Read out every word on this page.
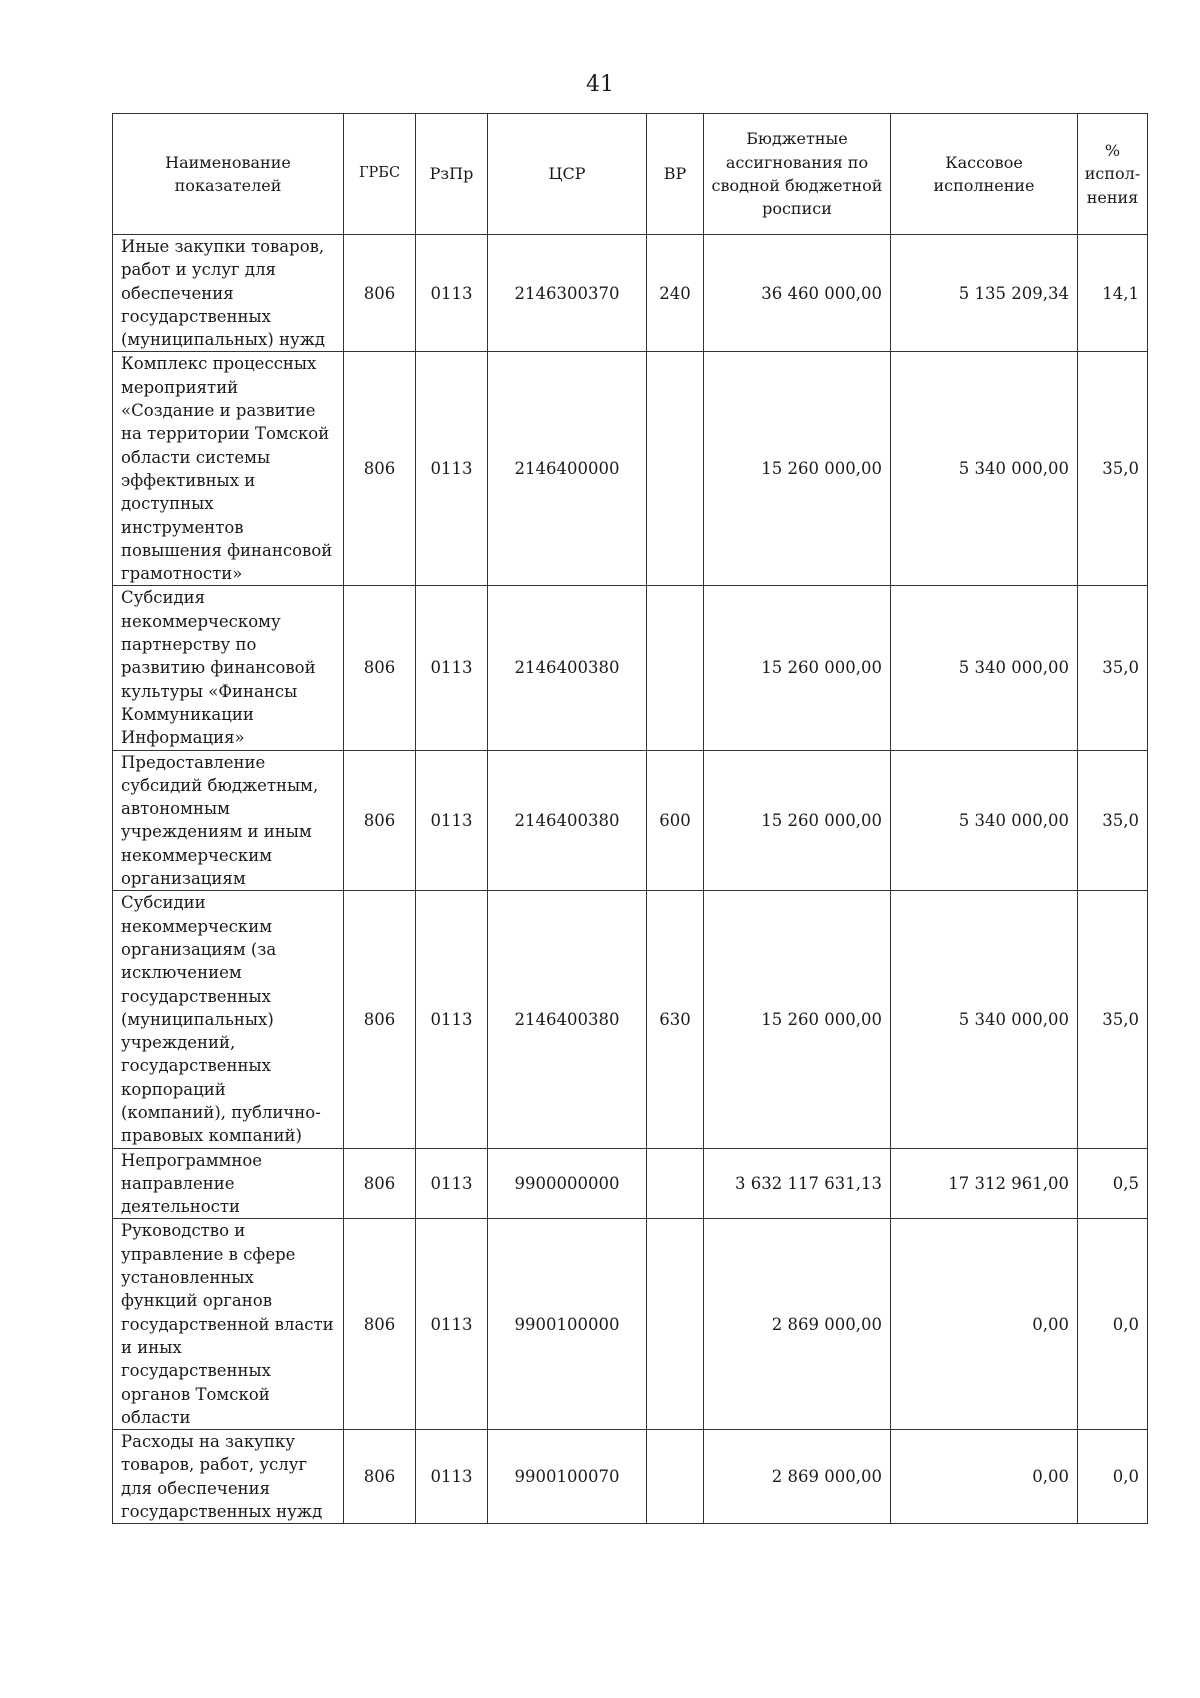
41
Наименование показателей	ГРБС	РзПр	ЦСР	ВР	Бюджетные ассигнования по сводной бюджетной росписи	Кассовое исполнение	% испол-нения
Иные закупки товаров, работ и услуг для обеспечения государственных (муниципальных) нужд	806	0113	2146300370	240	36 460 000,00	5 135 209,34	14,1
Комплекс процессных мероприятий «Создание и развитие на территории Томской области системы эффективных и доступных инструментов повышения финансовой грамотности»	806	0113	2146400000		15 260 000,00	5 340 000,00	35,0
Субсидия некоммерческому партнерству по развитию финансовой культуры «Финансы Коммуникации Информация»	806	0113	2146400380		15 260 000,00	5 340 000,00	35,0
Предоставление субсидий бюджетным, автономным учреждениям и иным некоммерческим организациям	806	0113	2146400380	600	15 260 000,00	5 340 000,00	35,0
Субсидии некоммерческим организациям (за исключением государственных (муниципальных) учреждений, государственных корпораций (компаний), публично-правовых компаний)	806	0113	2146400380	630	15 260 000,00	5 340 000,00	35,0
Непрограммное направление деятельности	806	0113	9900000000		3 632 117 631,13	17 312 961,00	0,5
Руководство и управление в сфере установленных функций органов государственной власти и иных государственных органов Томской области	806	0113	9900100000		2 869 000,00	0,00	0,0
Расходы на закупку товаров, работ, услуг для обеспечения государственных нужд	806	0113	9900100070		2 869 000,00	0,00	0,0
